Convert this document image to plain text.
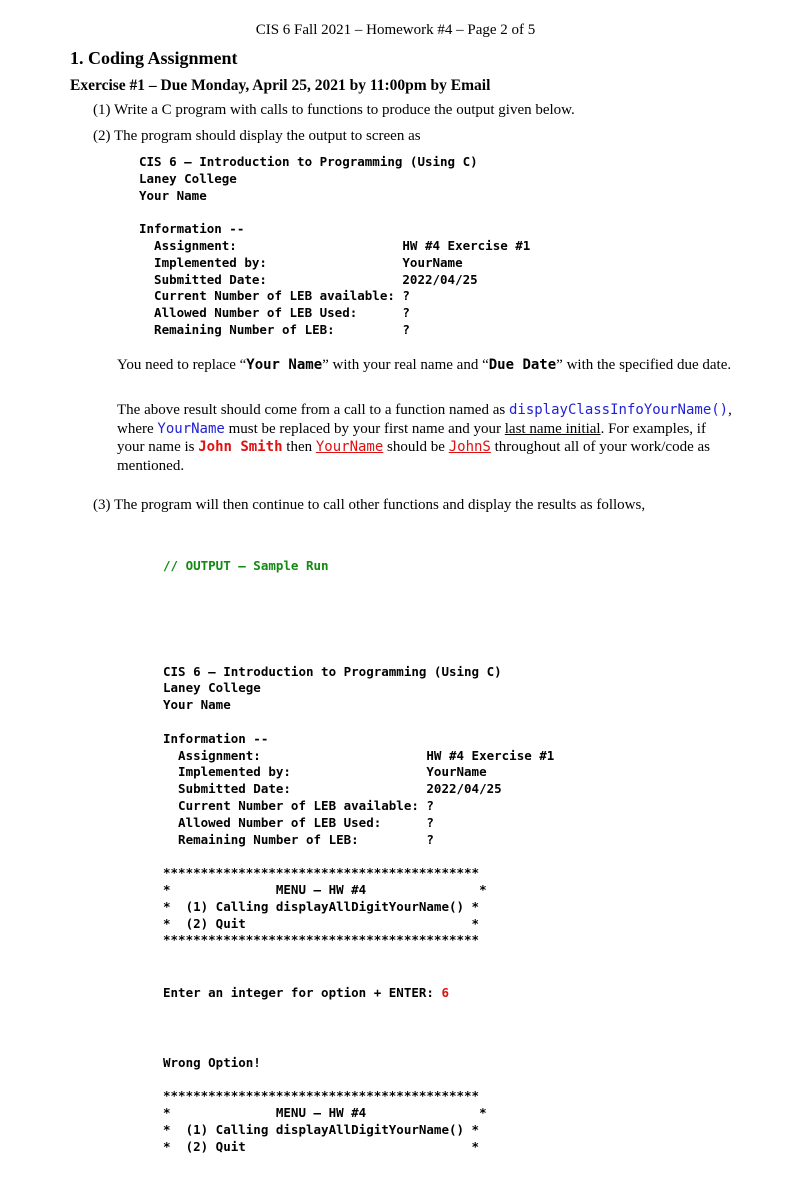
CIS 6 Fall 2021 – Homework #4 – Page 2 of 5
1. Coding Assignment
Exercise #1 – Due Monday, April 25, 2021 by 11:00pm by Email
(1) Write a C program with calls to functions to produce the output given below.
(2) The program should display the output to screen as
CIS 6 – Introduction to Programming (Using C)
Laney College
Your Name

Information --
Assignment:                      HW #4 Exercise #1
Implemented by:                  YourName
Submitted Date:                  2022/04/25
Current Number of LEB available: ?
Allowed Number of LEB Used:      ?
Remaining Number of LEB:         ?

You need to replace “Your Name” with your real name and “Due Date” with the specified due date.

The above result should come from a call to a function named as displayClassInfoYourName(), where YourName must be replaced by your first name and your last name initial. For examples, if your name is John Smith then YourName should be JohnS throughout all of your work/code as mentioned.

(3) The program will then continue to call other functions and display the results as follows,

// OUTPUT – Sample Run

CIS 6 – Introduction to Programming (Using C)
Laney College
Your Name

Information --
Assignment:                      HW #4 Exercise #1
Implemented by:                  YourName
Submitted Date:                  2022/04/25
Current Number of LEB available: ?
Allowed Number of LEB Used:      ?
Remaining Number of LEB:         ?

******************************************
*              MENU – HW #4               *
*  (1) Calling displayAllDigitYourName() *
*  (2) Quit                              *
******************************************

Enter an integer for option + ENTER: 6

Wrong Option!

******************************************
*              MENU – HW #4               *
*  (1) Calling displayAllDigitYourName() *
*  (2) Quit                              *
